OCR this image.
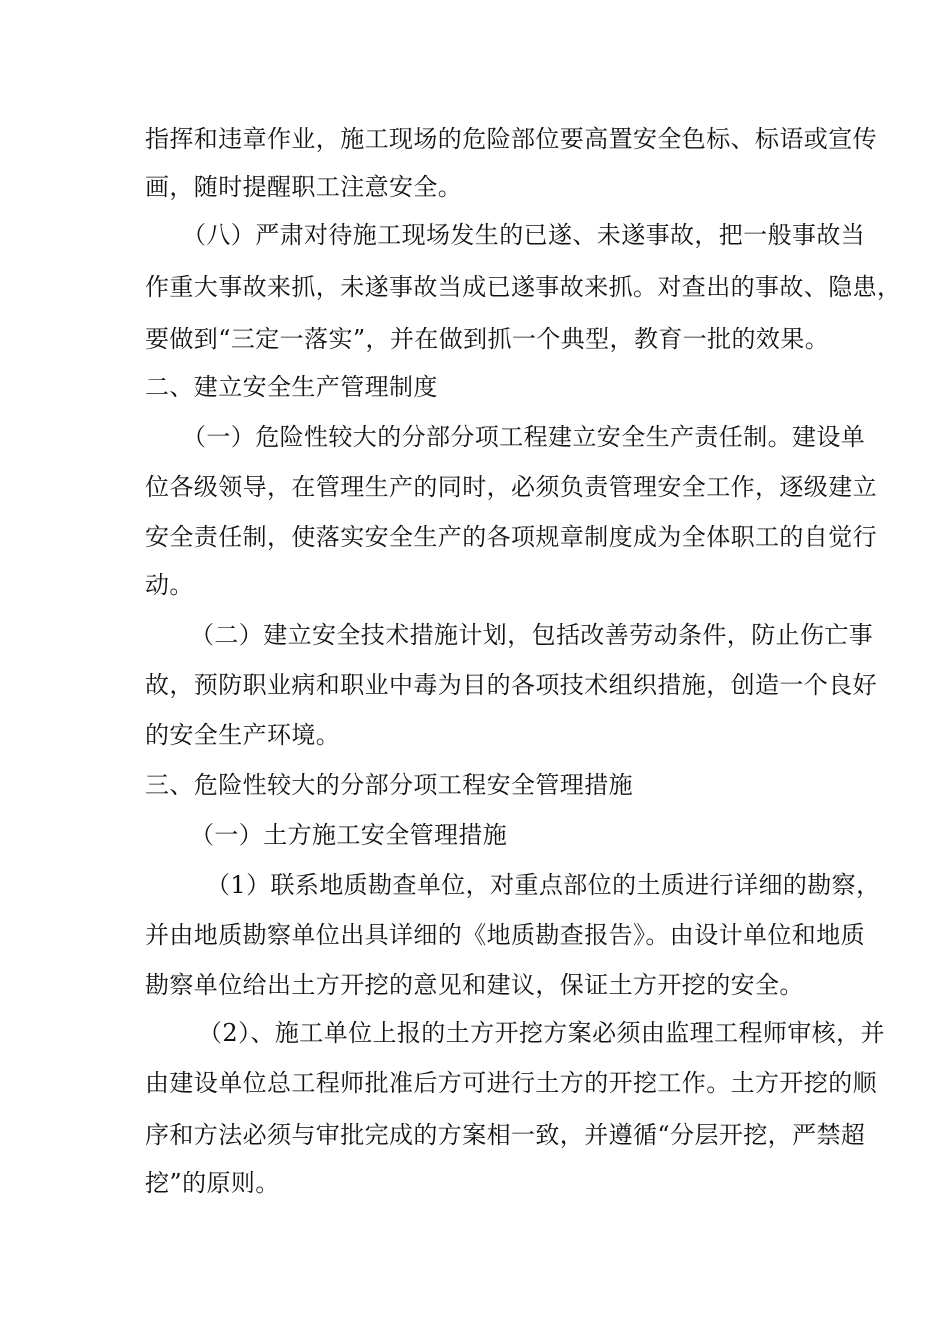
指挥和违章作业，施工现场的危险部位要高置安全色标、标语或宣传
画，随时提醒职工注意安全。
（八）严肃对待施工现场发生的已遂、未遂事故，把一般事故当
作重大事故来抓，未遂事故当成已遂事故来抓。对查出的事故、隐患，
要做到“三定一落实”，并在做到抓一个典型，教育一批的效果。
二、建立安全生产管理制度
（一）危险性较大的分部分项工程建立安全生产责任制。建设单
位各级领导，在管理生产的同时，必须负责管理安全工作，逐级建立
安全责任制，使落实安全生产的各项规章制度成为全体职工的自觉行
动。
（二）建立安全技术措施计划，包括改善劳动条件，防止伤亡事
故，预防职业病和职业中毒为目的各项技术组织措施，创造一个良好
的安全生产环境。
三、危险性较大的分部分项工程安全管理措施
（一）土方施工安全管理措施
（1）联系地质勘查单位，对重点部位的土质进行详细的勘察，
并由地质勘察单位出具详细的《地质勘查报告》。由设计单位和地质
勘察单位给出土方开挖的意见和建议，保证土方开挖的安全。
（2）、施工单位上报的土方开挖方案必须由监理工程师审核，并
由建设单位总工程师批准后方可进行土方的开挖工作。土方开挖的顺
序和方法必须与审批完成的方案相一致，并遵循“分层开挖，严禁超
挖”的原则。
